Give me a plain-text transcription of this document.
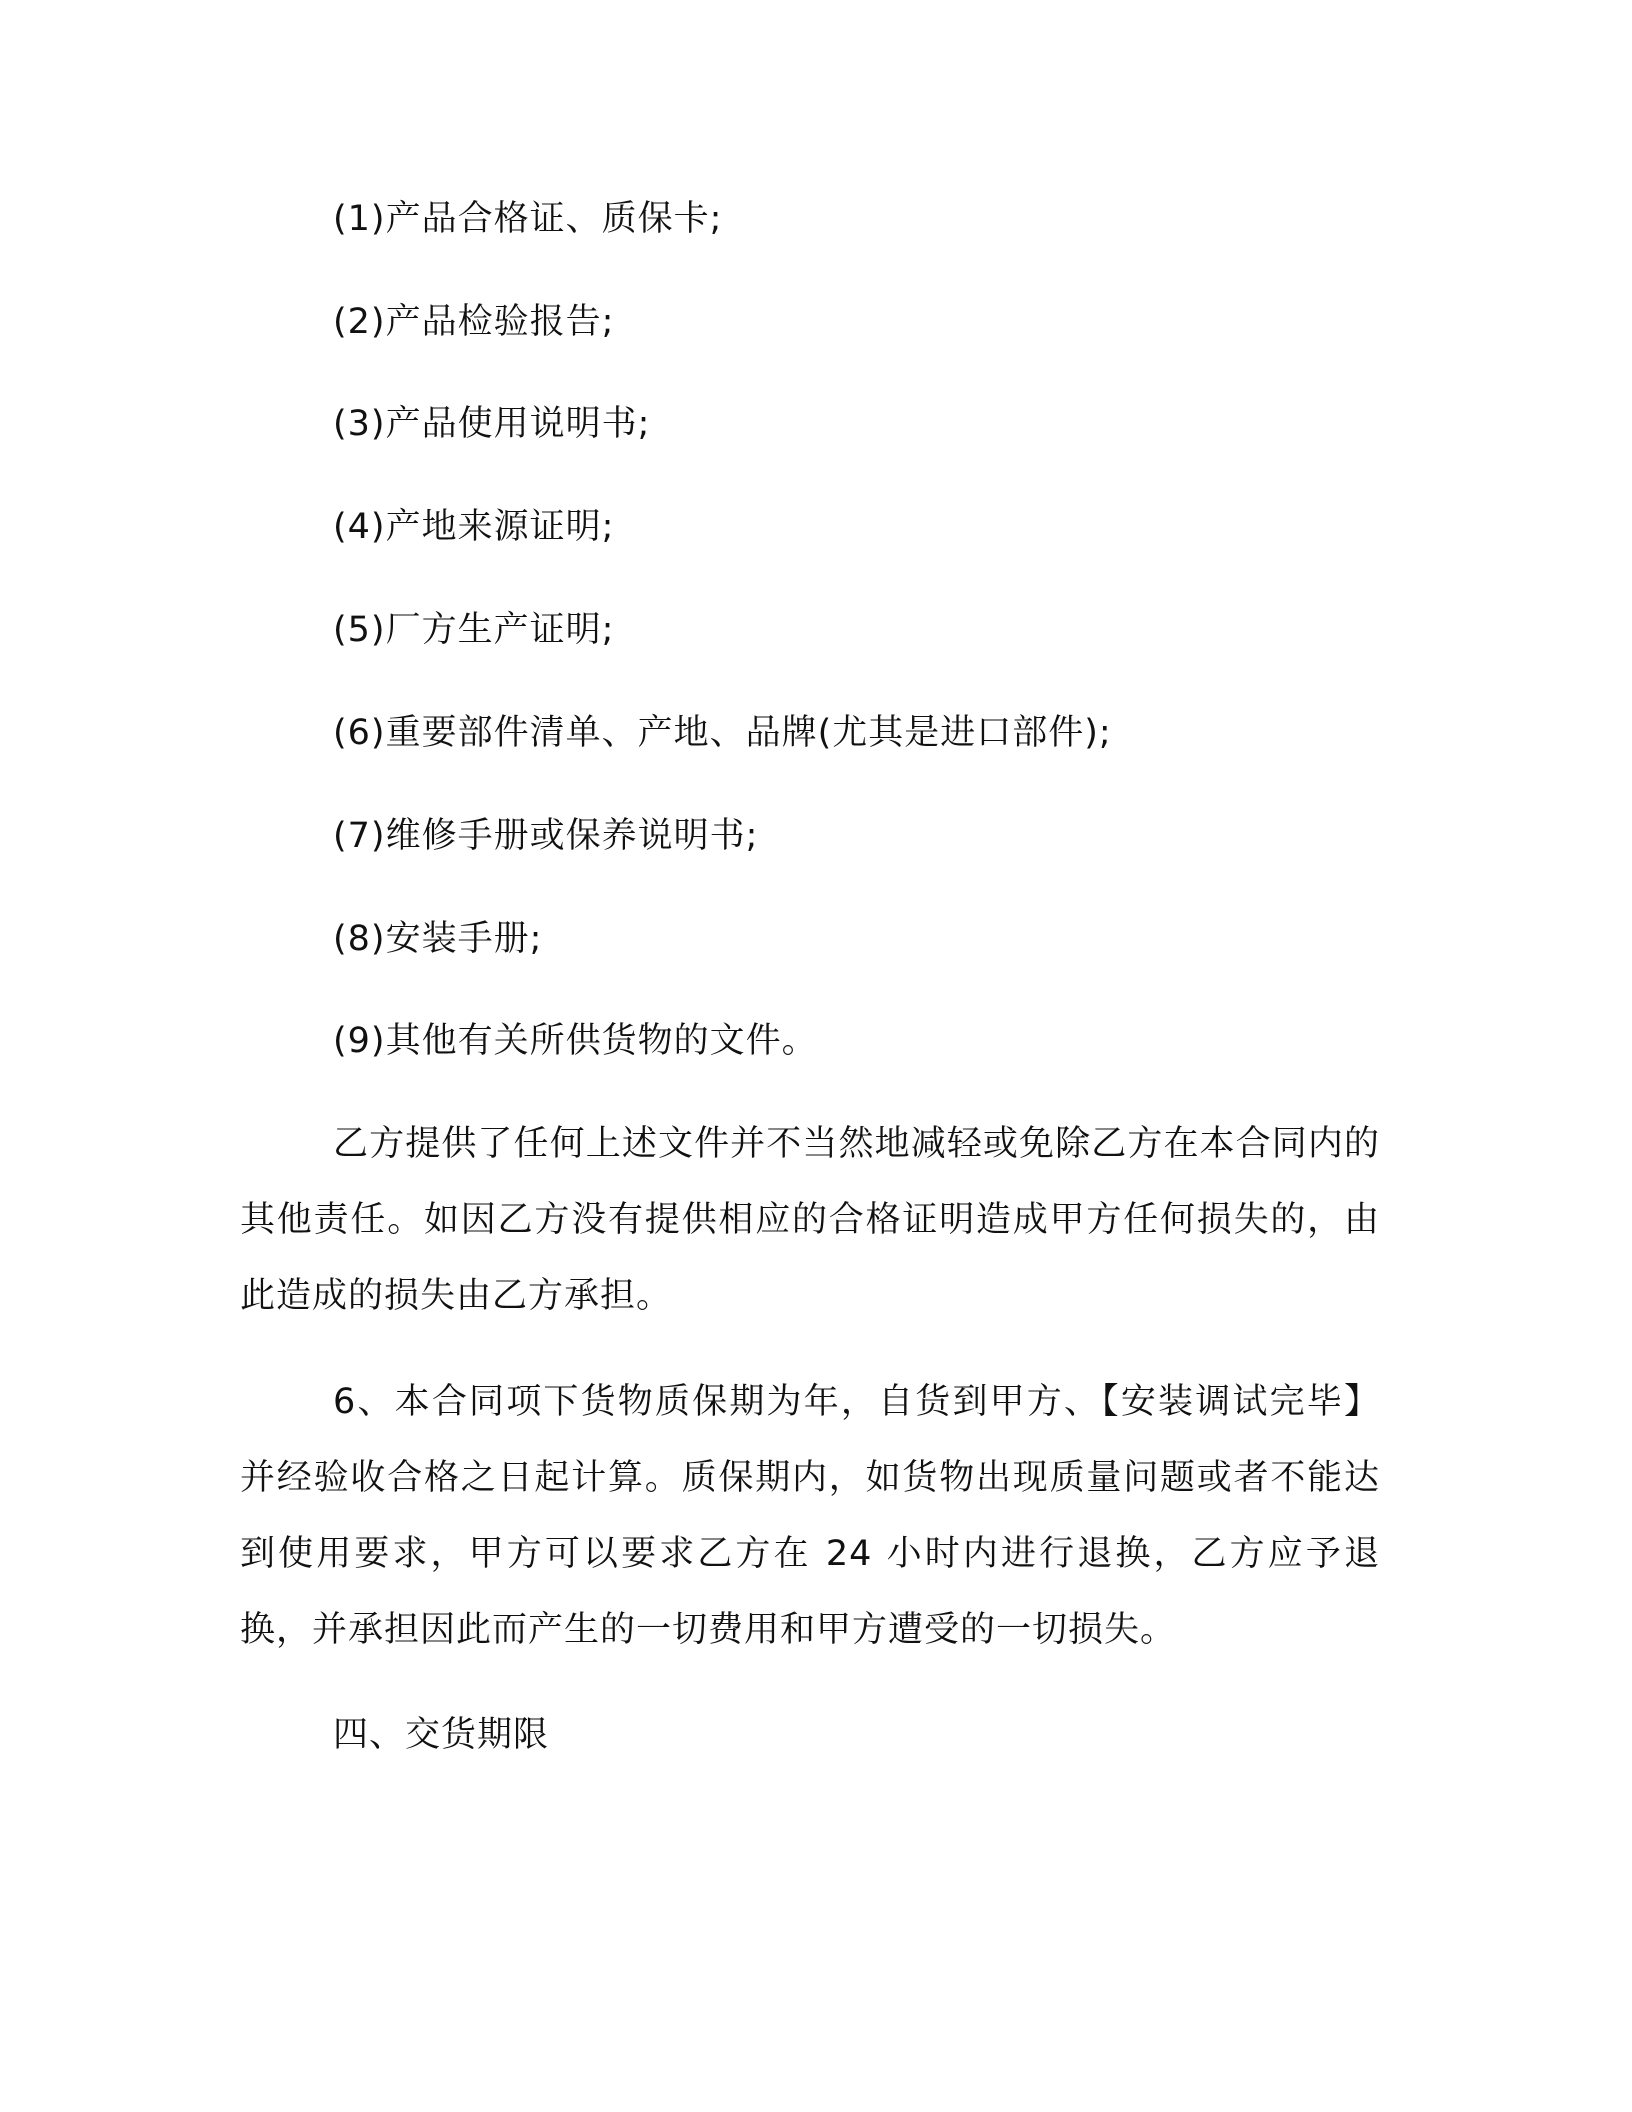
(1)产品合格证、质保卡;
(2)产品检验报告;
(3)产品使用说明书;
(4)产地来源证明;
(5)厂方生产证明;
(6)重要部件清单、产地、品牌(尤其是进口部件);
(7)维修手册或保养说明书;
(8)安装手册;
(9)其他有关所供货物的文件。

乙方提供了任何上述文件并不当然地减轻或免除乙方在本合同内的其他责任。如因乙方没有提供相应的合格证明造成甲方任何损失的，由此造成的损失由乙方承担。

6、本合同项下货物质保期为年，自货到甲方、【安装调试完毕】并经验收合格之日起计算。质保期内，如货物出现质量问题或者不能达到使用要求，甲方可以要求乙方在 24 小时内进行退换，乙方应予退换，并承担因此而产生的一切费用和甲方遭受的一切损失。

四、交货期限
